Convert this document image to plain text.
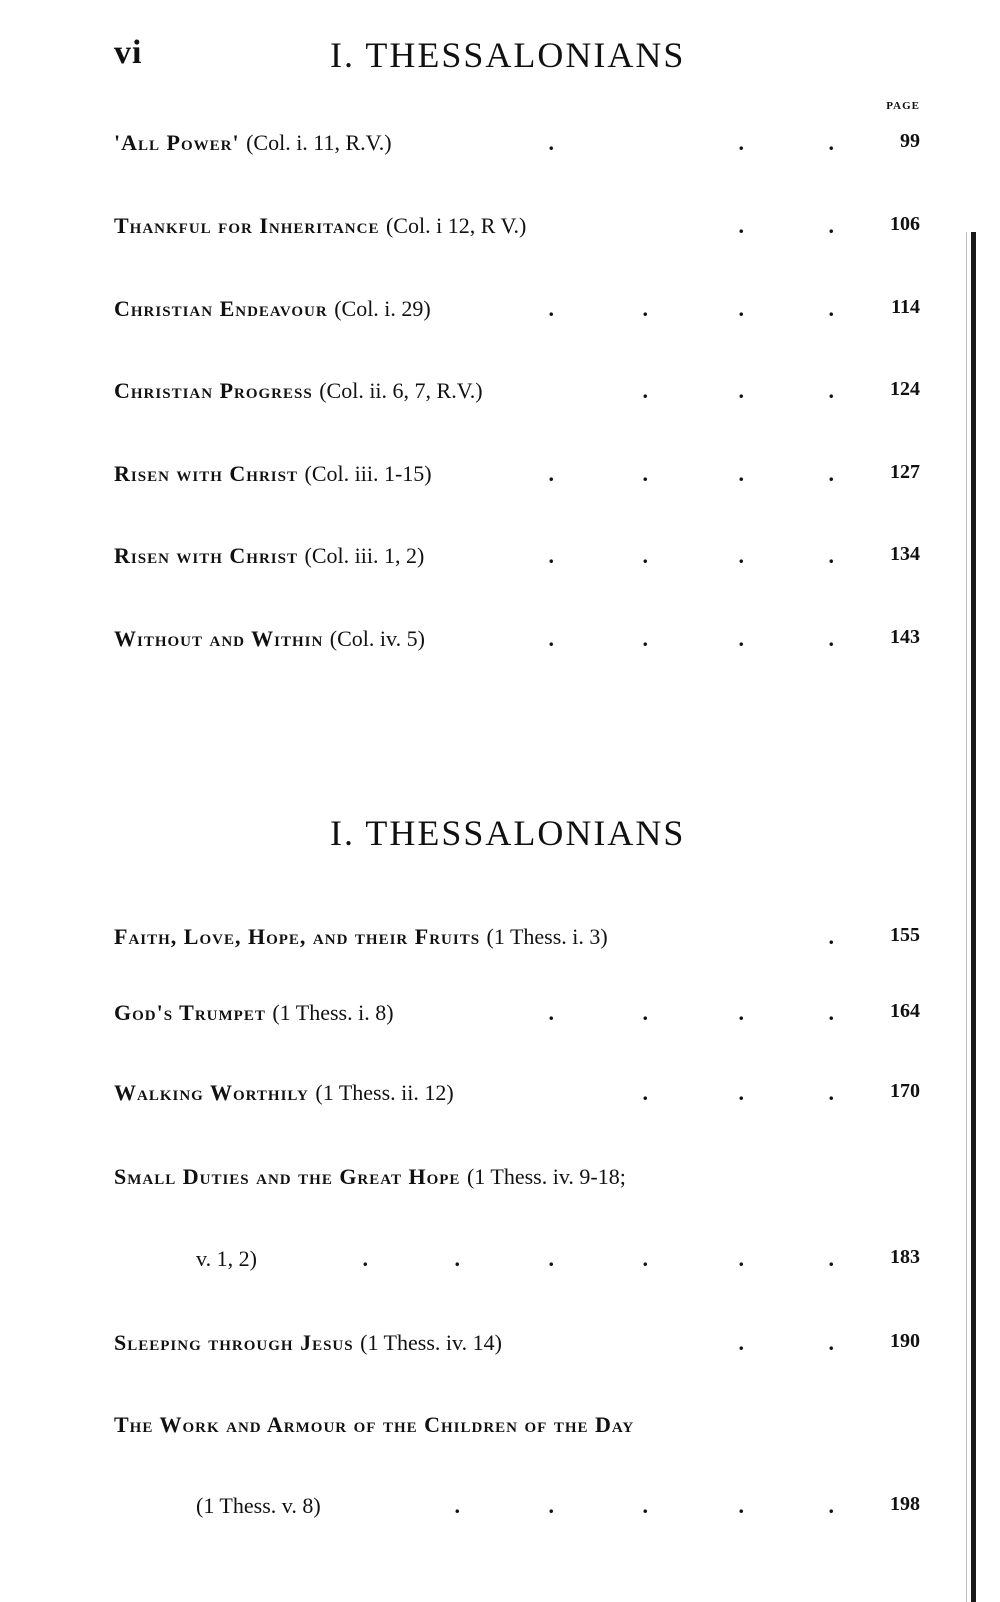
vi	I. THESSALONIANS
PAGE
'All Power' (Col. i. 11, R.V.)	.	.	.	99
Thankful for Inheritance (Col. i 12, R V.)	.	.	106
Christian Endeavour (Col. i. 29)	.	.	.	.	114
Christian Progress (Col. ii. 6, 7, R.V.)	.	.	.	124
Risen with Christ (Col. iii. 1-15)	.	.	.	.	127
Risen with Christ (Col. iii. 1, 2)	.	.	.	.	134
Without and Within (Col. iv. 5)	.	.	.	.	143
I. THESSALONIANS
Faith, Love, Hope, and their Fruits (1 Thess. i. 3)	.	155
God's Trumpet (1 Thess. i. 8)	.	.	.	.	164
Walking Worthily (1 Thess. ii. 12)	.	.	.	170
Small Duties and the Great Hope (1 Thess. iv. 9-18;
v. 1, 2)	.	.	.	.	.	.	183
Sleeping through Jesus (1 Thess. iv. 14)	.	.	190
The Work and Armour of the Children of the Day
(1 Thess. v. 8)	.	.	.	.	.	198
